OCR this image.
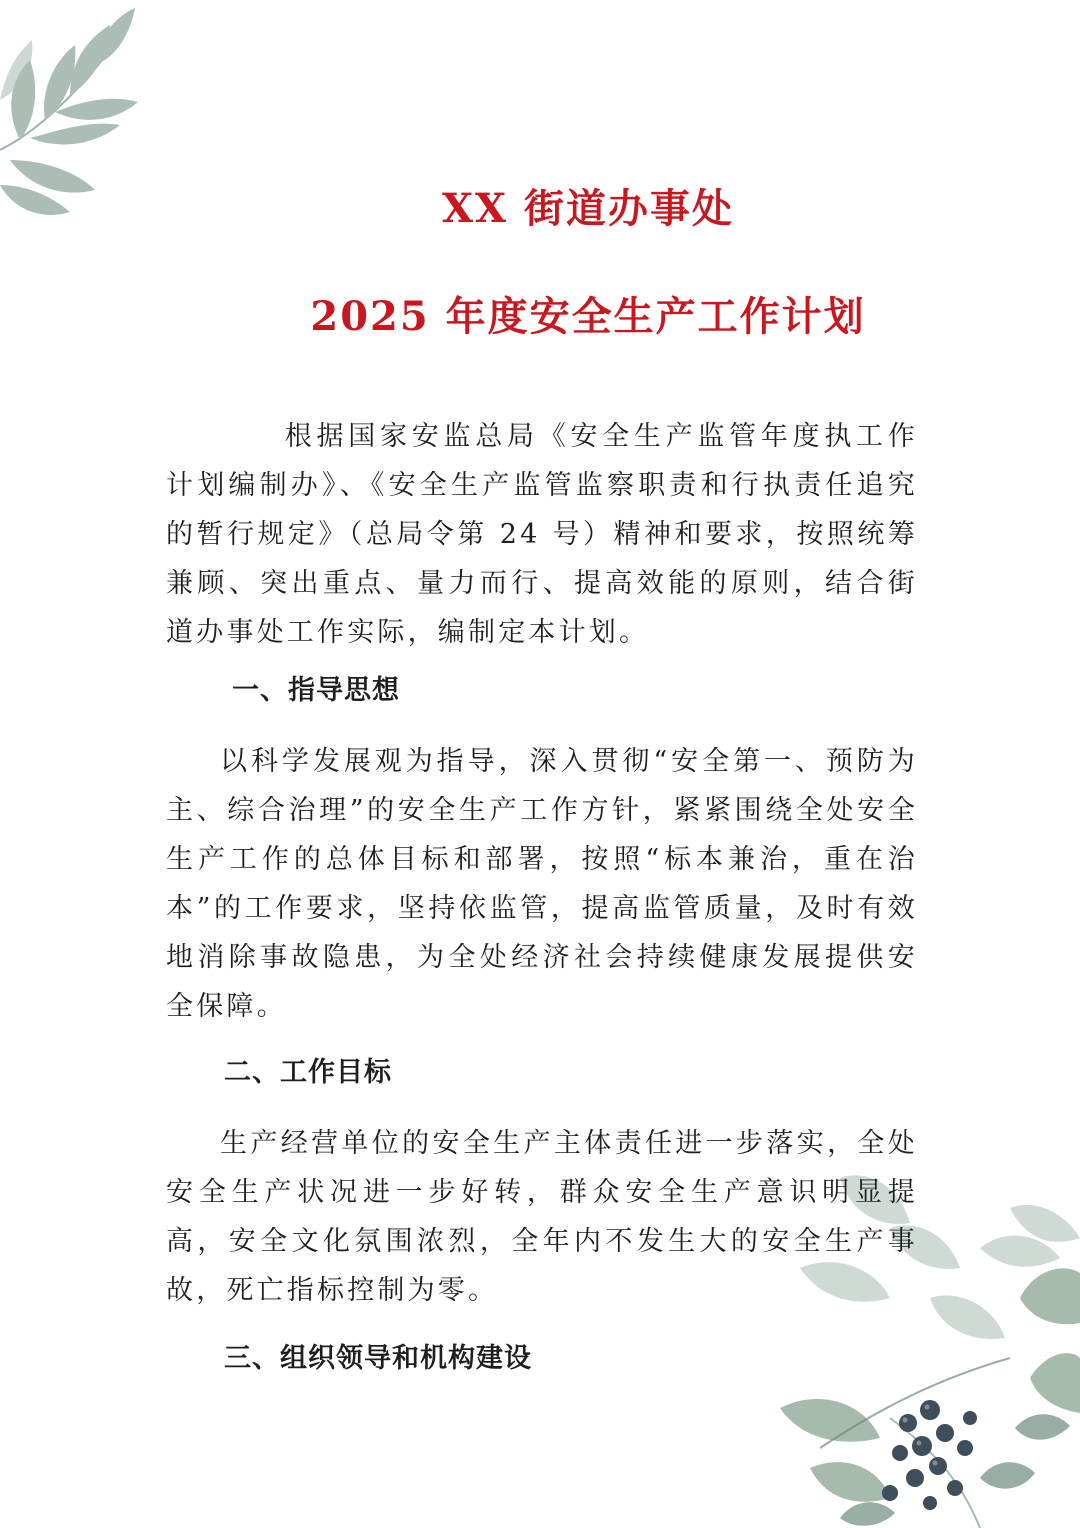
XX 街道办事处
2025 年度安全生产工作计划

根据国家安监总局《安全生产监管年度执工作计划编制办》、《安全生产监管监察职责和行执责任追究的暂行规定》（总局令第 24 号）精神和要求，按照统筹兼顾、突出重点、量力而行、提高效能的原则，结合街道办事处工作实际，编制定本计划。

一、指导思想

以科学发展观为指导，深入贯彻“安全第一、预防为主、综合治理”的安全生产工作方针，紧紧围绕全处安全生产工作的总体目标和部署，按照“标本兼治，重在治本”的工作要求，坚持依监管，提高监管质量，及时有效地消除事故隐患，为全处经济社会持续健康发展提供安全保障。

二、工作目标

生产经营单位的安全生产主体责任进一步落实，全处安全生产状况进一步好转，群众安全生产意识明显提高，安全文化氛围浓烈，全年内不发生大的安全生产事故，死亡指标控制为零。

三、组织领导和机构建设
